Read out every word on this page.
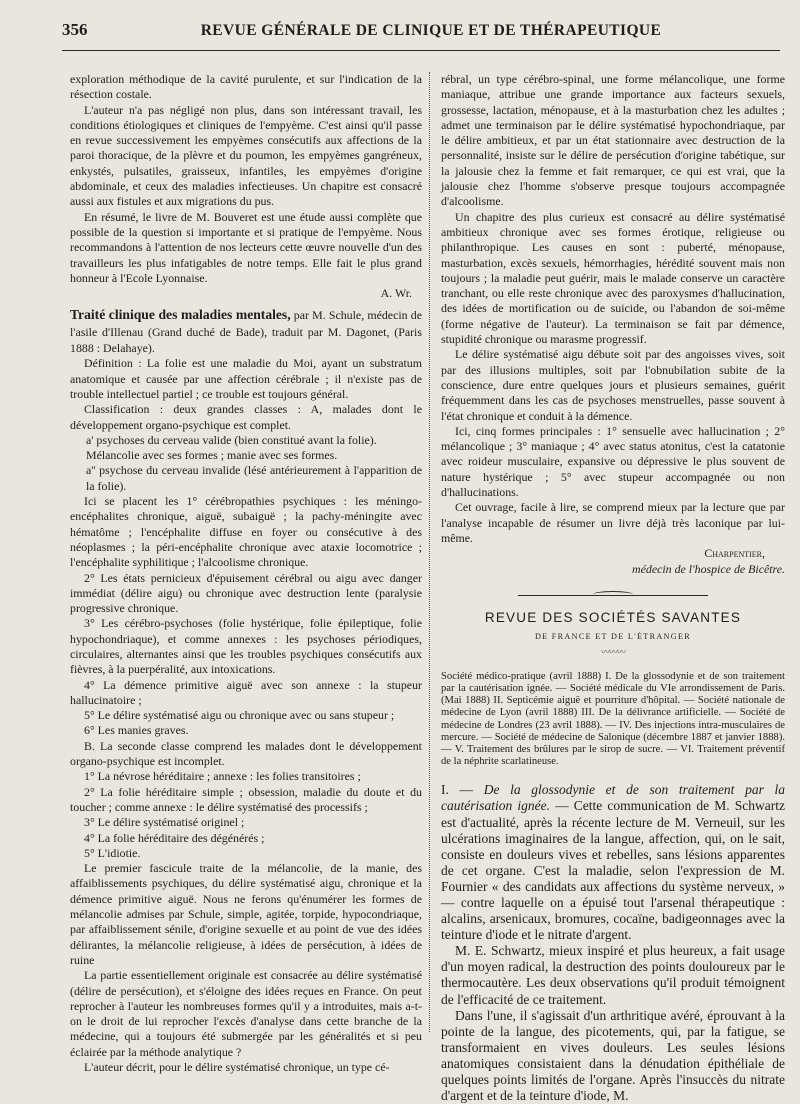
356	REVUE GÉNÉRALE DE CLINIQUE ET DE THÉRAPEUTIQUE

exploration méthodique de la cavité purulente, et sur l'indication de la résection costale.

L'auteur n'a pas négligé non plus, dans son intéressant travail, les conditions étiologiques et cliniques de l'empyème. C'est ainsi qu'il passe en revue successivement les empyèmes consécutifs aux affections de la paroi thoracique, de la plèvre et du poumon, les empyèmes gangréneux, enkystés, pulsatiles, graisseux, infantiles, les empyèmes d'origine abdominale, et ceux des maladies infectieuses. Un chapitre est consacré aussi aux fistules et aux migrations du pus.

En résumé, le livre de M. Bouveret est une étude aussi complète que possible de la question si importante et si pratique de l'empyème. Nous recommandons à l'attention de nos lecteurs cette œuvre nouvelle d'un des travailleurs les plus infatigables de notre temps. Elle fait le plus grand honneur à l'Ecole Lyonnaise.

A. Wr.

Traité clinique des maladies mentales, par M. Schule, médecin de l'asile d'Illenau (Grand duché de Bade), traduit par M. Dagonet, (Paris 1888 : Delahaye).

Définition : La folie est une maladie du Moi, ayant un substratum anatomique et causée par une affection cérébrale ; il n'existe pas de trouble intellectuel partiel ; ce trouble est toujours général.

Classification : deux grandes classes : A, malades dont le développement organo-psychique est complet.

a' psychoses du cerveau valide (bien constitué avant la folie).

Mélancolie avec ses formes ; manie avec ses formes.

a'' psychose du cerveau invalide (lésé antérieurement à l'apparition de la folie).

Ici se placent les 1° cérébropathies psychiques : les méningo-encéphalites chronique, aiguë, subaiguë ; la pachy-méningite avec hématôme ; l'encéphalite diffuse en foyer ou consécutive à des néoplasmes ; la péri-encéphalite chronique avec ataxie locomotrice ; l'encéphalite syphilitique ; l'alcoolisme chronique.

2° Les états pernicieux d'épuisement cérébral ou aigu avec danger immédiat (délire aigu) ou chronique avec destruction lente (paralysie progressive chronique.

3° Les cérébro-psychoses (folie hystérique, folie épileptique, folie hypochondriaque), et comme annexes : les psychoses périodiques, circulaires, alternantes ainsi que les troubles psychiques consécutifs aux fièvres, à la puerpéralité, aux intoxications.

4° La démence primitive aiguë avec son annexe : la stupeur hallucinatoire ;

5° Le délire systématisé aigu ou chronique avec ou sans stupeur ;

6° Les manies graves.

B. La seconde classe comprend les malades dont le développement organo-psychique est incomplet.

1° La névrose héréditaire ; annexe : les folies transitoires ;

2° La folie héréditaire simple ; obsession, maladie du doute et du toucher ; comme annexe : le délire systématisé des processifs ;

3° Le délire systématisé originel ;

4° La folie héréditaire des dégénérés ;

5° L'idiotie.

Le premier fascicule traite de la mélancolie, de la manie, des affaiblissements psychiques, du délire systématisé aigu, chronique et la démence primitive aiguë. Nous ne ferons qu'énumérer les formes de mélancolie admises par Schule, simple, agitée, torpide, hypocondriaque, par affaiblissement sénile, d'origine sexuelle et au point de vue des idées délirantes, la mélancolie religieuse, à idées de persécution, à idées de ruine

La partie essentiellement originale est consacrée au délire systématisé (délire de persécution), et s'éloigne des idées reçues en France. On peut reprocher à l'auteur les nombreuses formes qu'il y a introduites, mais a-t-on le droit de lui reprocher l'excès d'analyse dans cette branche de la médecine, qui a toujours été submergée par les généralités et si peu éclairée par la méthode analytique ?

L'auteur décrit, pour le délire systématisé chronique, un type cé-

rébral, un type cérébro-spinal, une forme mélancolique, une forme maniaque, attribue une grande importance aux facteurs sexuels, grossesse, lactation, ménopause, et à la masturbation chez les adultes ; admet une terminaison par le délire systématisé hypochondriaque, par le délire ambitieux, et par un état stationnaire avec destruction de la personnalité, insiste sur le délire de persécution d'origine tabétique, sur la jalousie chez la femme et fait remarquer, ce qui est vrai, que la jalousie chez l'homme s'observe presque toujours accompagnée d'alcoolisme.

Un chapitre des plus curieux est consacré au délire systématisé ambitieux chronique avec ses formes érotique, religieuse ou philanthropique. Les causes en sont : puberté, ménopause, masturbation, excès sexuels, hémorrhagies, hérédité souvent mais non toujours ; la maladie peut guérir, mais le malade conserve un caractère tranchant, ou elle reste chronique avec des paroxysmes d'hallucination, des idées de mortification ou de suicide, ou l'abandon de soi-même (forme négative de l'auteur). La terminaison se fait par démence, stupidité chronique ou marasme progressif.

Le délire systématisé aigu débute soit par des angoisses vives, soit par des illusions multiples, soit par l'obnubilation subite de la conscience, dure entre quelques jours et plusieurs semaines, guérit fréquemment dans les cas de psychoses menstruelles, passe souvent à l'état chronique et conduit à la démence.

Ici, cinq formes principales : 1° sensuelle avec hallucination ; 2° mélancolique ; 3° maniaque ; 4° avec status atonitus, c'est la catatonie avec roideur musculaire, expansive ou dépressive le plus souvent de nature hystérique ; 5° avec stupeur accompagnée ou non d'hallucinations.

Cet ouvrage, facile à lire, se comprend mieux par la lecture que par l'analyse incapable de résumer un livre déjà très laconique par lui-même.

Charpentier,

médecin de l'hospice de Bicêtre.

REVUE DES SOCIÉTÉS SAVANTES

DE FRANCE ET DE L'ÉTRANGER

〰〰〰

Société médico-pratique (avril 1888) I. De la glossodynie et de son traitement par la cautérisation ignée. — Société médicale du VIe arrondissement de Paris. (Mai 1888) II. Septicémie aiguë et pourriture d'hôpital. — Société nationale de médecine de Lyon (avril 1888) III. De la délivrance artificielle. — Société de médecine de Londres (23 avril 1888). — IV. Des injections intra-musculaires de mercure. — Société de médecine de Salonique (décembre 1887 et janvier 1888). — V. Traitement des brûlures par le sirop de sucre. — VI. Traitement préventif de la néphrite scarlatineuse.

I. — De la glossodynie et de son traitement par la cautérisation ignée. — Cette communication de M. Schwartz est d'actualité, après la récente lecture de M. Verneuil, sur les ulcérations imaginaires de la langue, affection, qui, on le sait, consiste en douleurs vives et rebelles, sans lésions apparentes de cet organe. C'est la maladie, selon l'expression de M. Fournier « des candidats aux affections du système nerveux, » — contre laquelle on a épuisé tout l'arsenal thérapeutique : alcalins, arsenicaux, bromures, cocaïne, badigeonnages avec la teinture d'iode et le nitrate d'argent.

M. E. Schwartz, mieux inspiré et plus heureux, a fait usage d'un moyen radical, la destruction des points douloureux par le thermocautère. Les deux observations qu'il produit témoignent de l'efficacité de ce traitement.

Dans l'une, il s'agissait d'un arthritique avéré, éprouvant à la pointe de la langue, des picotements, qui, par la fatigue, se transformaient en vives douleurs. Les seules lésions anatomiques consistaient dans la dénudation épithéliale de quelques points limités de l'organe. Après l'insuccès du nitrate d'argent et de la teinture d'iode, M.
